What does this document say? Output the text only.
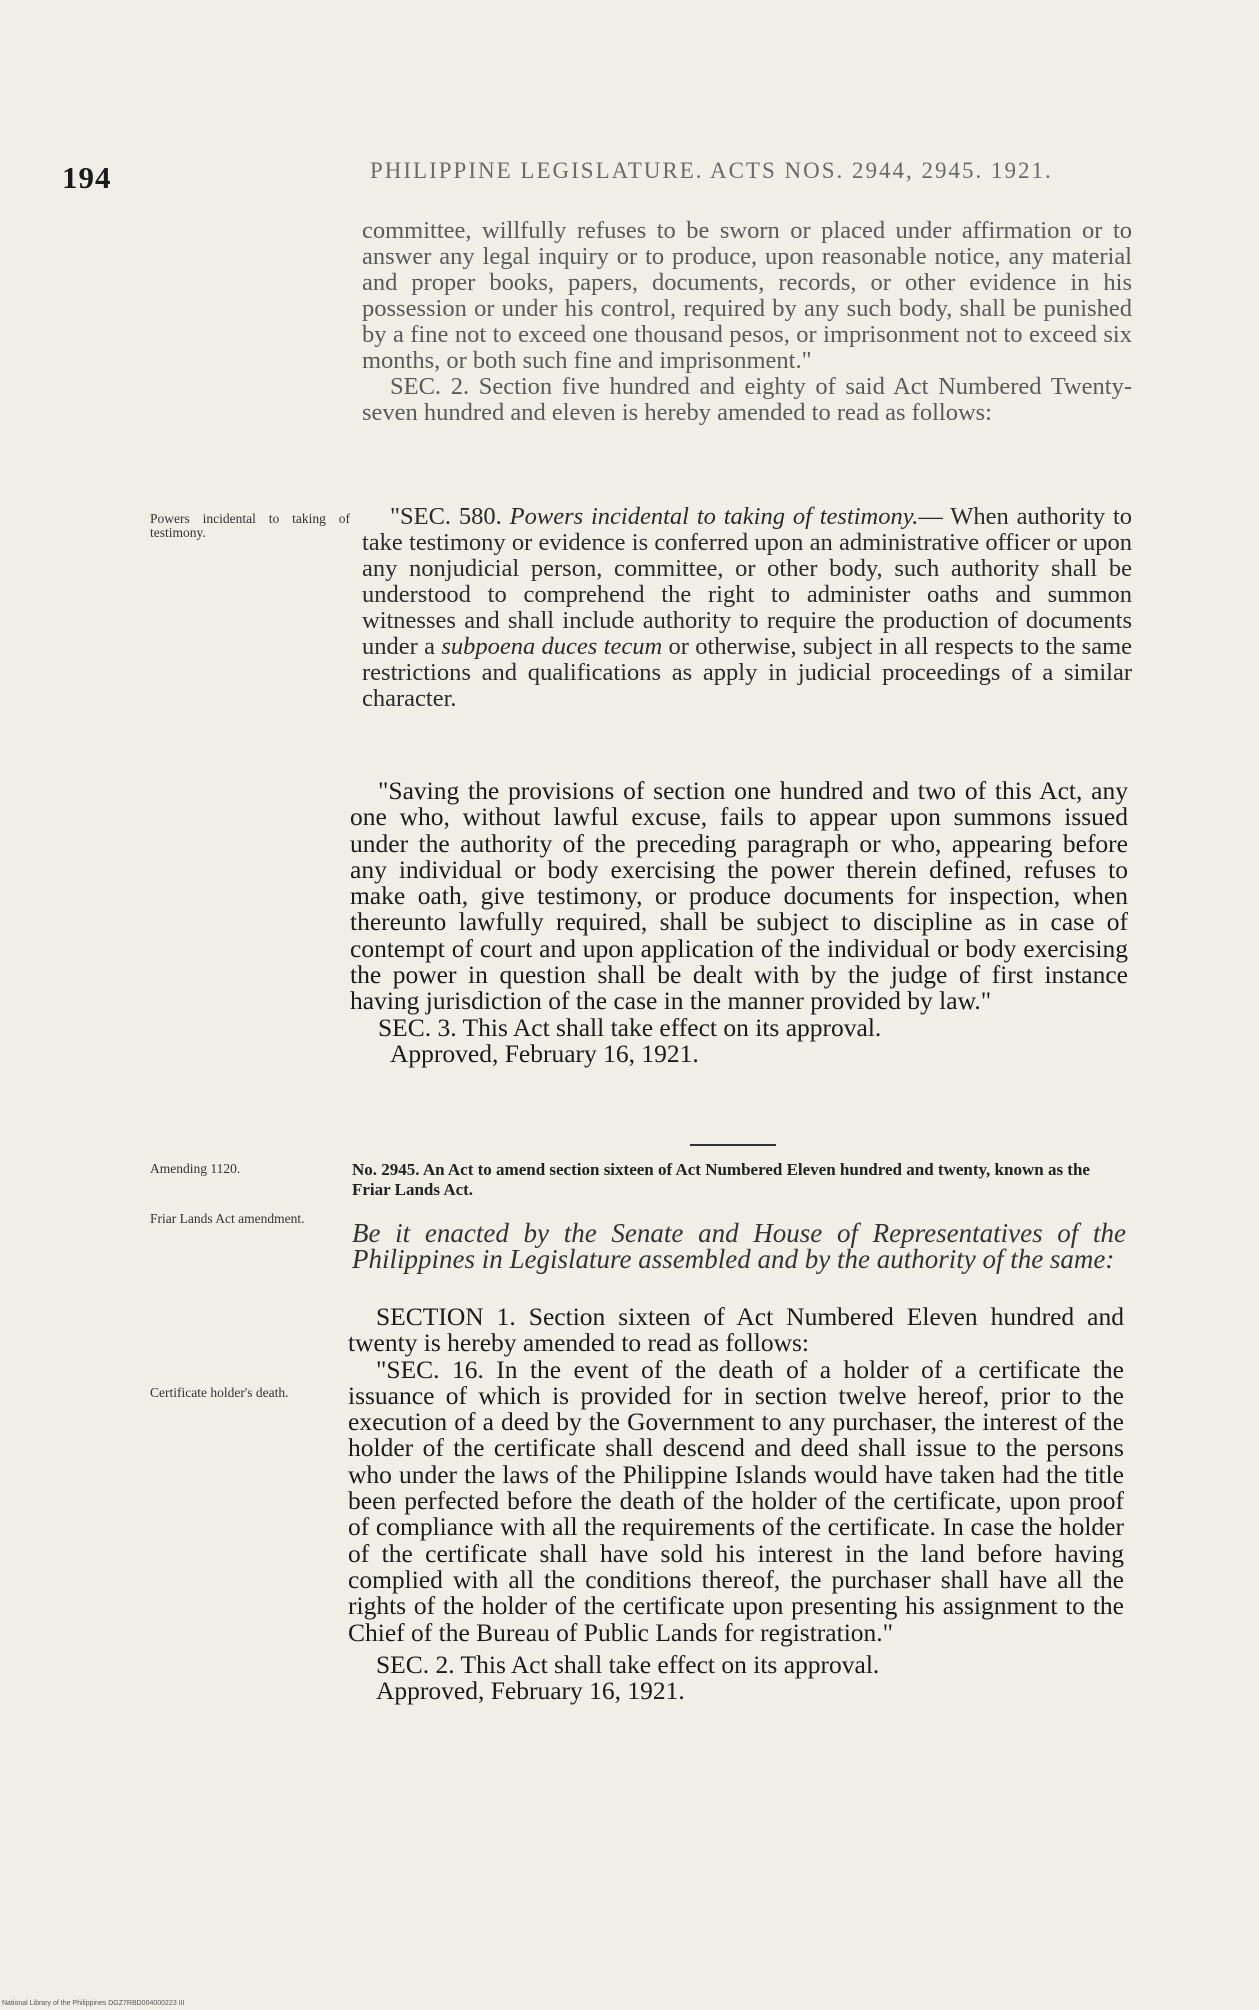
194	PHILIPPINE LEGISLATURE. ACTS NOS. 2944, 2945. 1921.

committee, willfully refuses to be sworn or placed under affirmation or to answer any legal inquiry or to produce, upon reasonable notice, any material and proper books, papers, documents, records, or other evidence in his possession or under his control, required by any such body, shall be punished by a fine not to exceed one thousand pesos, or imprisonment not to exceed six months, or both such fine and imprisonment."

SEC. 2. Section five hundred and eighty of said Act Numbered Twenty-seven hundred and eleven is hereby amended to read as follows:

"SEC. 580. Powers incidental to taking of testimony.— When authority to take testimony or evidence is conferred upon an administrative officer or upon any nonjudicial person, committee, or other body, such authority shall be understood to comprehend the right to administer oaths and summon witnesses and shall include authority to require the production of documents under a subpoena duces tecum or otherwise, subject in all respects to the same restrictions and qualifications as apply in judicial proceedings of a similar character.

"Saving the provisions of section one hundred and two of this Act, any one who, without lawful excuse, fails to appear upon summons issued under the authority of the preceding paragraph or who, appearing before any individual or body exercising the power therein defined, refuses to make oath, give testimony, or produce documents for inspection, when thereunto lawfully required, shall be subject to discipline as in case of contempt of court and upon application of the individual or body exercising the power in question shall be dealt with by the judge of first instance having jurisdiction of the case in the manner provided by law."

SEC. 3. This Act shall take effect on its approval.

Approved, February 16, 1921.

No. 2945. An Act to amend section sixteen of Act Numbered Eleven hundred and twenty, known as the Friar Lands Act.

Be it enacted by the Senate and House of Representatives of the Philippines in Legislature assembled and by the authority of the same:

SECTION 1. Section sixteen of Act Numbered Eleven hundred and twenty is hereby amended to read as follows:

"SEC. 16. In the event of the death of a holder of a certificate the issuance of which is provided for in section twelve hereof, prior to the execution of a deed by the Government to any purchaser, the interest of the holder of the certificate shall descend and deed shall issue to the persons who under the laws of the Philippine Islands would have taken had the title been perfected before the death of the holder of the certificate, upon proof of compliance with all the requirements of the certificate. In case the holder of the certificate shall have sold his interest in the land before having complied with all the conditions thereof, the purchaser shall have all the rights of the holder of the certificate upon presenting his assignment to the Chief of the Bureau of Public Lands for registration."

SEC. 2. This Act shall take effect on its approval.

Approved, February 16, 1921.

Powers incidental to taking of testimony.
Amending 1120.
Friar Lands Act amendment.
Certificate holder's death.
National Library of the Philippines DGZ7RBD004000223 III
